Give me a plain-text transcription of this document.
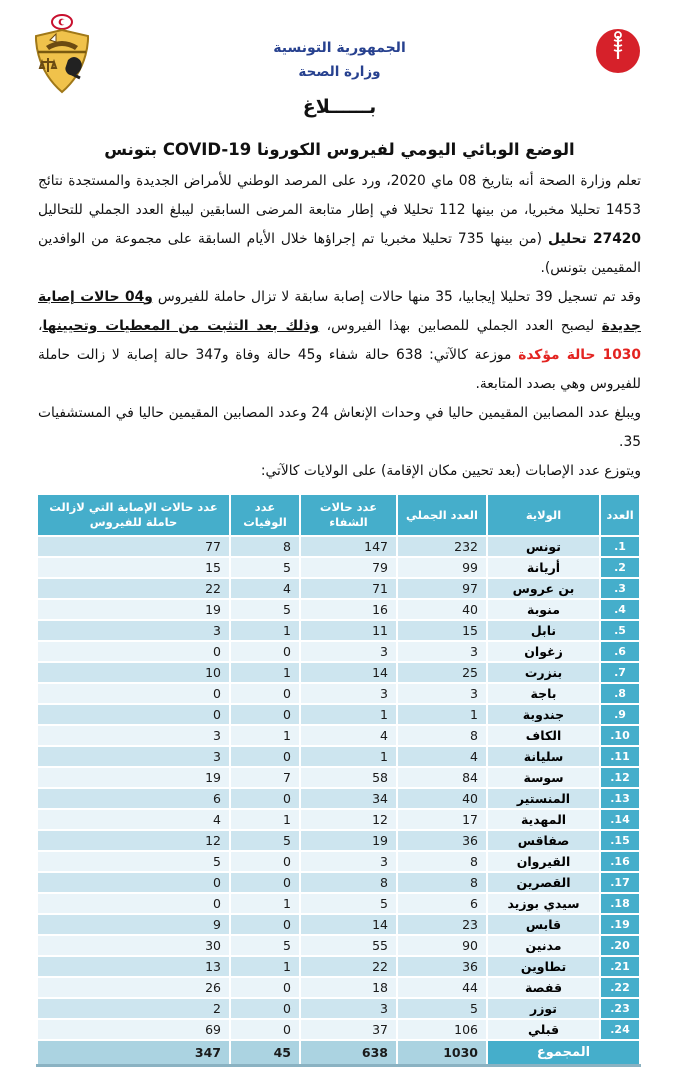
الجمهورية التونسية
وزارة الصحة
بــــــلاغ
الوضع الوبائي اليومي لفيروس الكورونا COVID-19 بتونس

تعلم وزارة الصحة أنه بتاريخ 08 ماي 2020، ورد على المرصد الوطني للأمراض الجديدة والمستجدة نتائج 1453 تحليلا مخبريا، من بينها 112 تحليلا في إطار متابعة المرضى السابقين ليبلغ العدد الجملي للتحاليل 27420 تحليل (من بينها 735 تحليلا مخبريا تم إجراؤها خلال الأيام السابقة على مجموعة من الوافدين المقيمين بتونس).

وقد تم تسجيل 39 تحليلا إيجابيا، 35 منها حالات إصابة سابقة لا تزال حاملة للفيروس و04 حالات إصابة جديدة ليصبح العدد الجملي للمصابين بهذا الفيروس، وذلك بعد التثبت من المعطيات وتحيينها، 1030 حالة مؤكدة موزعة كالآتي: 638 حالة شفاء و45 حالة وفاة و347 حالة إصابة لا زالت حاملة للفيروس وهي بصدد المتابعة.

ويبلغ عدد المصابين المقيمين حاليا في وحدات الإنعاش 24 وعدد المصابين المقيمين حاليا في المستشفيات 35.

ويتوزع عدد الإصابات (بعد تحيين مكان الإقامة) على الولايات كالآتي:

العدد	الولاية	العدد الجملي	عدد حالات الشفاء	عدد الوفيات	عدد حالات الإصابة التي لازالت حاملة للفيروس
.1	تونس	232	147	8	77
.2	أريانة	99	79	5	15
.3	بن عروس	97	71	4	22
.4	منوبة	40	16	5	19
.5	نابل	15	11	1	3
.6	زغوان	3	3	0	0
.7	بنزرت	25	14	1	10
.8	باجة	3	3	0	0
.9	جندوبة	1	1	0	0
.10	الكاف	8	4	1	3
.11	سليانة	4	1	0	3
.12	سوسة	84	58	7	19
.13	المنستير	40	34	0	6
.14	المهدية	17	12	1	4
.15	صفاقس	36	19	5	12
.16	القيروان	8	3	0	5
.17	القصرين	8	8	0	0
.18	سيدي بوزيد	6	5	1	0
.19	قابس	23	14	0	9
.20	مدنين	90	55	5	30
.21	تطاوين	36	22	1	13
.22	قفصة	44	18	0	26
.23	توزر	5	3	0	2
.24	قبلي	106	37	0	69
المجموع		1030	638	45	347
